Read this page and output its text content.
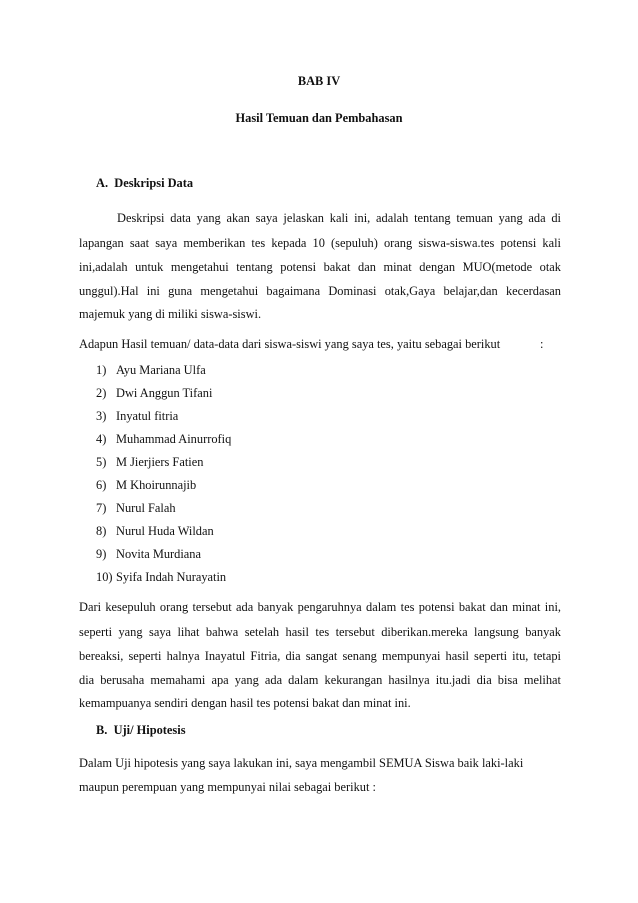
BAB IV

Hasil Temuan dan Pembahasan

A. Deskripsi Data

Deskripsi data yang akan saya jelaskan kali ini, adalah tentang temuan yang ada di

lapangan saat saya memberikan tes kepada 10 (sepuluh) orang siswa-siswa.tes potensi kali

ini,adalah untuk mengetahui tentang potensi bakat dan minat dengan MUO(metode otak

unggul).Hal ini guna mengetahui bagaimana Dominasi otak,Gaya belajar,dan kecerdasan

majemuk yang di miliki siswa-siswi.

Adapun Hasil temuan/ data-data dari siswa-siswi yang saya tes, yaitu sebagai berikut	:

1) Ayu Mariana Ulfa

2) Dwi Anggun Tifani

3) Inyatul fitria

4) Muhammad Ainurrofiq

5) M Jierjiers Fatien

6) M Khoirunnajib

7) Nurul Falah

8) Nurul Huda Wildan

9) Novita Murdiana

10) Syifa Indah Nurayatin

Dari kesepuluh orang tersebut ada banyak pengaruhnya dalam tes potensi bakat dan minat ini,

seperti yang saya lihat bahwa setelah hasil tes tersebut diberikan.mereka langsung banyak

bereaksi, seperti halnya Inayatul Fitria, dia sangat senang mempunyai hasil seperti itu, tetapi

dia berusaha memahami apa yang ada dalam kekurangan hasilnya itu.jadi dia bisa melihat

kemampuanya sendiri dengan hasil tes potensi bakat dan minat ini.

B. Uji/ Hipotesis

Dalam Uji hipotesis yang saya lakukan ini, saya mengambil SEMUA Siswa baik laki-laki

maupun perempuan yang mempunyai nilai sebagai berikut :
